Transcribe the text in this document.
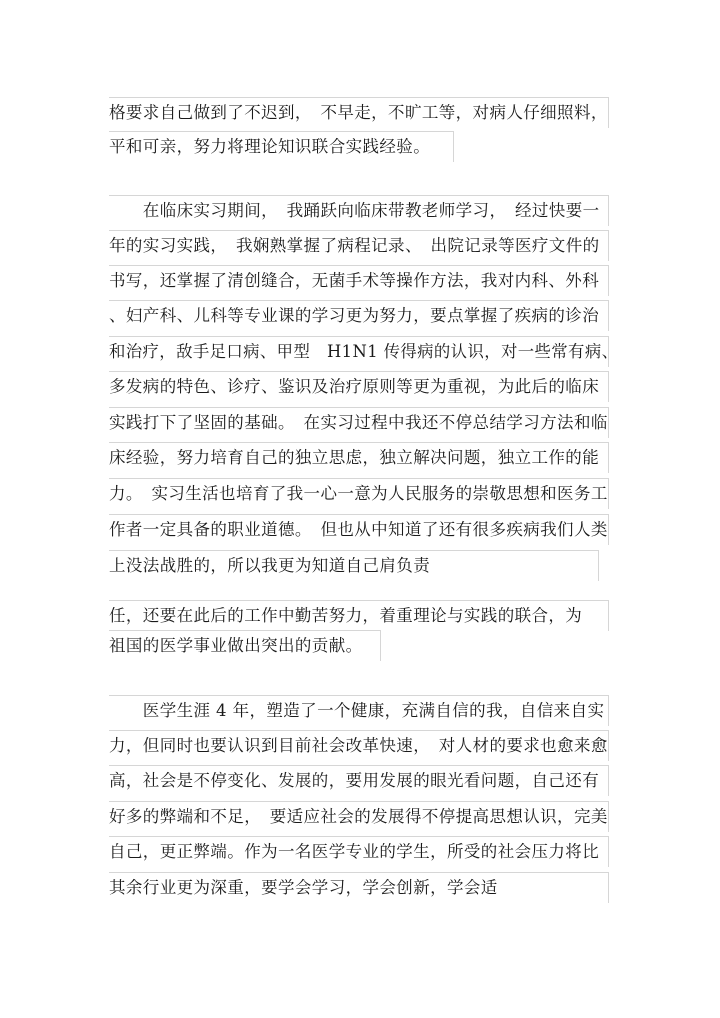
格要求自己做到了不迟到，　不早走，不旷工等，对病人仔细照料，
平和可亲，努力将理论知识联合实践经验。
　　在临床实习期间，　我踊跃向临床带教老师学习，　经过快要一
年的实习实践，　我娴熟掌握了病程记录、　出院记录等医疗文件的
书写，还掌握了清创缝合，无菌手术等操作方法，我对内科、外科
、妇产科、儿科等专业课的学习更为努力，要点掌握了疾病的诊治
和治疗，敌手足口病、甲型　H1N1 传得病的认识，对一些常有病、
多发病的特色、诊疗、鉴识及治疗原则等更为重视，为此后的临床
实践打下了坚固的基础。　在实习过程中我还不停总结学习方法和临
床经验，努力培育自己的独立思虑，独立解决问题，独立工作的能
力。　实习生活也培育了我一心一意为人民服务的崇敬思想和医务工
作者一定具备的职业道德。　但也从中知道了还有很多疾病我们人类
上没法战胜的，所以我更为知道自己肩负责
任，还要在此后的工作中勤苦努力，着重理论与实践的联合，为
祖国的医学事业做出突出的贡献。
　　医学生涯 4 年，塑造了一个健康，充满自信的我，自信来自实
力，但同时也要认识到目前社会改革快速，　对人材的要求也愈来愈
高，社会是不停变化、发展的，要用发展的眼光看问题，自己还有
好多的弊端和不足，　要适应社会的发展得不停提高思想认识，完美
自己，更正弊端。作为一名医学专业的学生，所受的社会压力将比
其余行业更为深重，要学会学习，学会创新，学会适
